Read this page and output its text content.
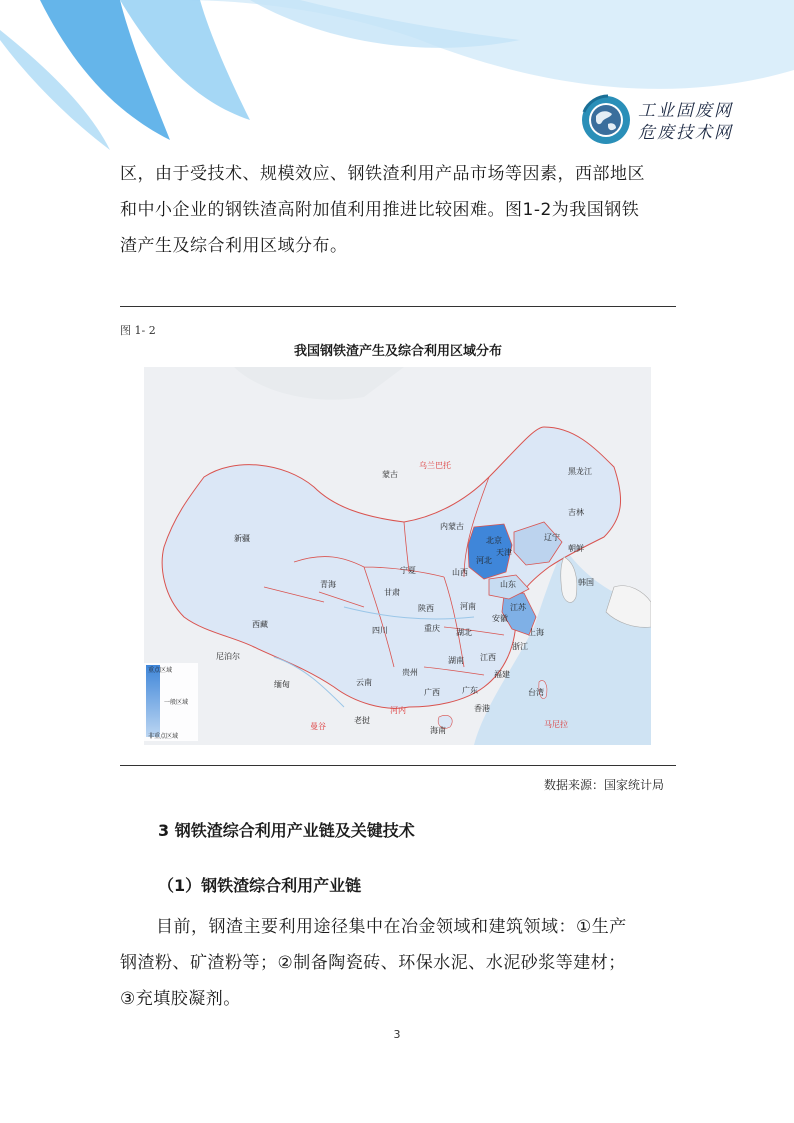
工业固废网
危废技术网
区，由于受技术、规模效应、钢铁渣利用产品市场等因素，西部地区
和中小企业的钢铁渣高附加值利用推进比较困难。图1-2为我国钢铁
渣产生及综合利用区域分布。
图 1- 2
我国钢铁渣产生及综合利用区域分布
蒙古
乌兰巴托
黑龙江
吉林
辽宁
内蒙古
新疆	北京
天津
河北
山西
宁夏
青海
甘肃
陕西	河南
山东
江苏
安徽
上海
西藏
四川	重庆 湖北
浙江
湖南 江西
贵州	福建
云南
广西	广东	台湾
香港
海南
朝鲜
韩国
尼泊尔
缅甸
老挝
河内
曼谷	马尼拉
重点区域
一般区域
非重点区域
数据来源：国家统计局
3 钢铁渣综合利用产业链及关键技术
（1）钢铁渣综合利用产业链
目前，钢渣主要利用途径集中在冶金领域和建筑领域：①生产
钢渣粉、矿渣粉等；②制备陶瓷砖、环保水泥、水泥砂浆等建材；
③充填胶凝剂。
3
